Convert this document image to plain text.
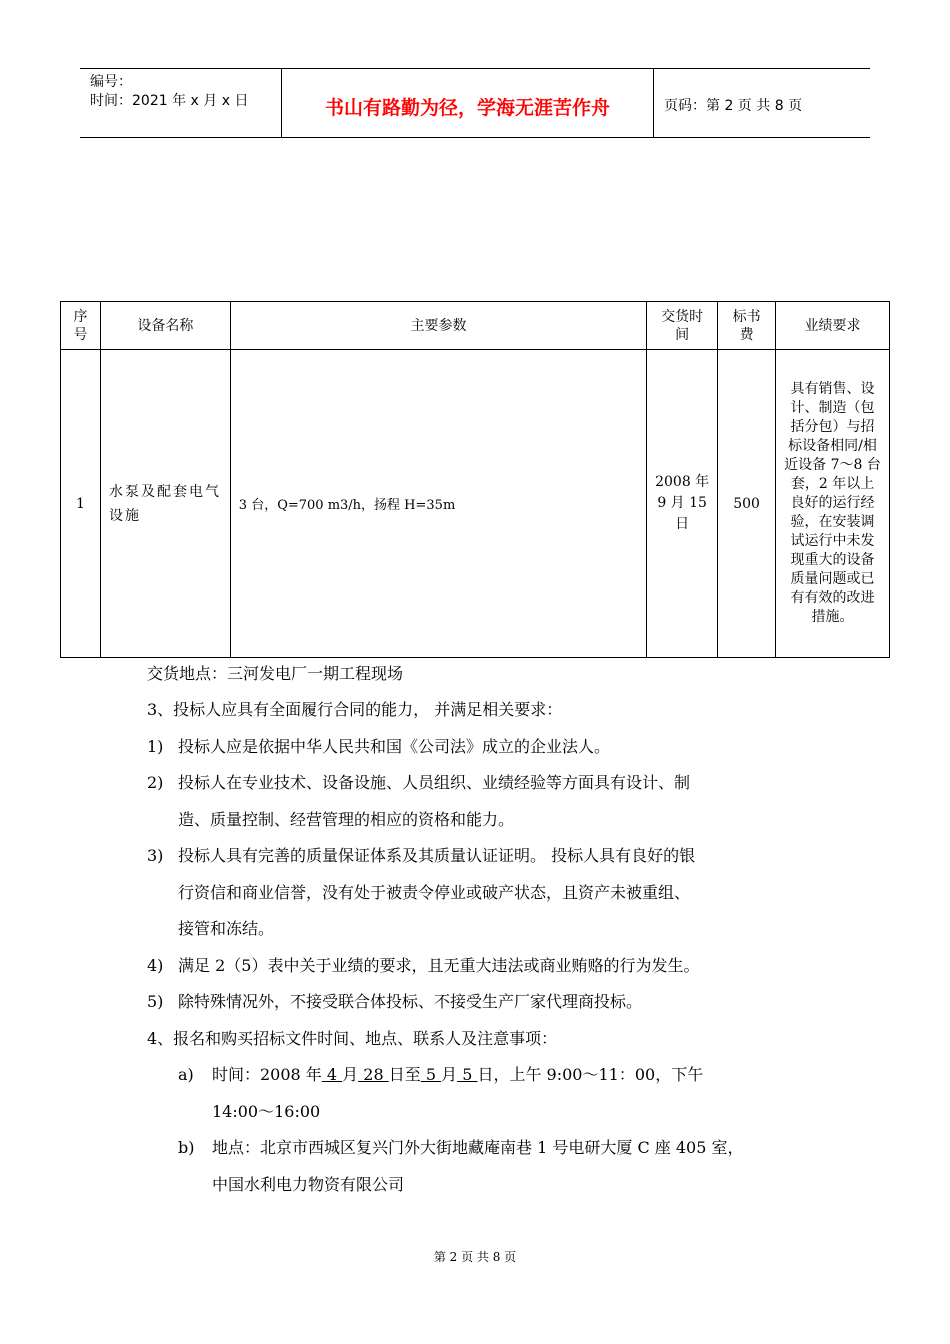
编号：
时间：2021 年 x 月 x 日	书山有路勤为径，学海无涯苦作舟	页码：第 2 页 共 8 页
序号	设备名称	主要参数	交货时间	标书费	业绩要求
1	水泵及配套电气设施	3 台，Q=700 m3/h，扬程 H=35m	2008 年 9 月 15 日	500	具有销售、设计、制造（包括分包）与招标设备相同/相近设备 7～8 台套，2 年以上良好的运行经验，在安装调试运行中未发现重大的设备质量问题或已有有效的改进措施。
交货地点：三河发电厂一期工程现场
3、投标人应具有全面履行合同的能力， 并满足相关要求：
1) 投标人应是依据中华人民共和国《公司法》成立的企业法人。
2) 投标人在专业技术、设备设施、人员组织、业绩经验等方面具有设计、制
造、质量控制、经营管理的相应的资格和能力。
3) 投标人具有完善的质量保证体系及其质量认证证明。 投标人具有良好的银
行资信和商业信誉，没有处于被责令停业或破产状态，且资产未被重组、
接管和冻结。
4) 满足 2（5）表中关于业绩的要求，且无重大违法或商业贿赂的行为发生。
5) 除特殊情况外，不接受联合体投标、不接受生产厂家代理商投标。
4、报名和购买招标文件时间、地点、联系人及注意事项：
a) 时间：2008 年 4 月 28 日至 5 月 5 日，上午 9:00～11：00，下午
14:00～16:00
b) 地点：北京市西城区复兴门外大街地藏庵南巷 1 号电研大厦 C 座 405 室，
中国水利电力物资有限公司
第 2 页 共 8 页
